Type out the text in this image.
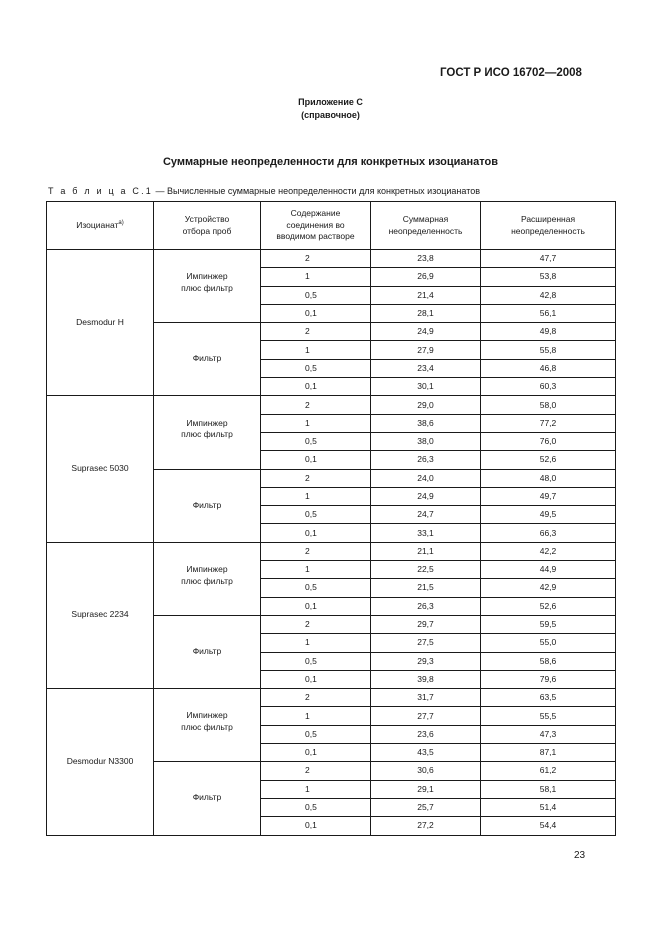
ГОСТ Р ИСО 16702—2008
Приложение С
(справочное)
Суммарные неопределенности для конкретных изоцианатов
Т а б л и ц а С.1 — Вычисленные суммарные неопределенности для конкретных изоцианатов
Изоцианат$^{а)}$	Устройство отбора проб	Содержание соединения во вводимом растворе	Суммарная неопределенность	Расширенная неопределенность

Desmodur H	Импинжер плюс фильтр	2	23,8	47,7
		1	26,9	53,8
		0,5	21,4	42,8
		0,1	28,1	56,1
	Фильтр	2	24,9	49,8
		1	27,9	55,8
		0,5	23,4	46,8
		0,1	30,1	60,3
Suprasec 5030	Импинжер плюс фильтр	2	29,0	58,0
		1	38,6	77,2
		0,5	38,0	76,0
		0,1	26,3	52,6
	Фильтр	2	24,0	48,0
		1	24,9	49,7
		0,5	24,7	49,5
		0,1	33,1	66,3
Suprasec 2234	Импинжер плюс фильтр	2	21,1	42,2
		1	22,5	44,9
		0,5	21,5	42,9
		0,1	26,3	52,6
	Фильтр	2	29,7	59,5
		1	27,5	55,0
		0,5	29,3	58,6
		0,1	39,8	79,6
Desmodur N3300	Импинжер плюс фильтр	2	31,7	63,5
		1	27,7	55,5
		0,5	23,6	47,3
		0,1	43,5	87,1
	Фильтр	2	30,6	61,2
		1	29,1	58,1
		0,5	25,7	51,4
		0,1	27,2	54,4
23
